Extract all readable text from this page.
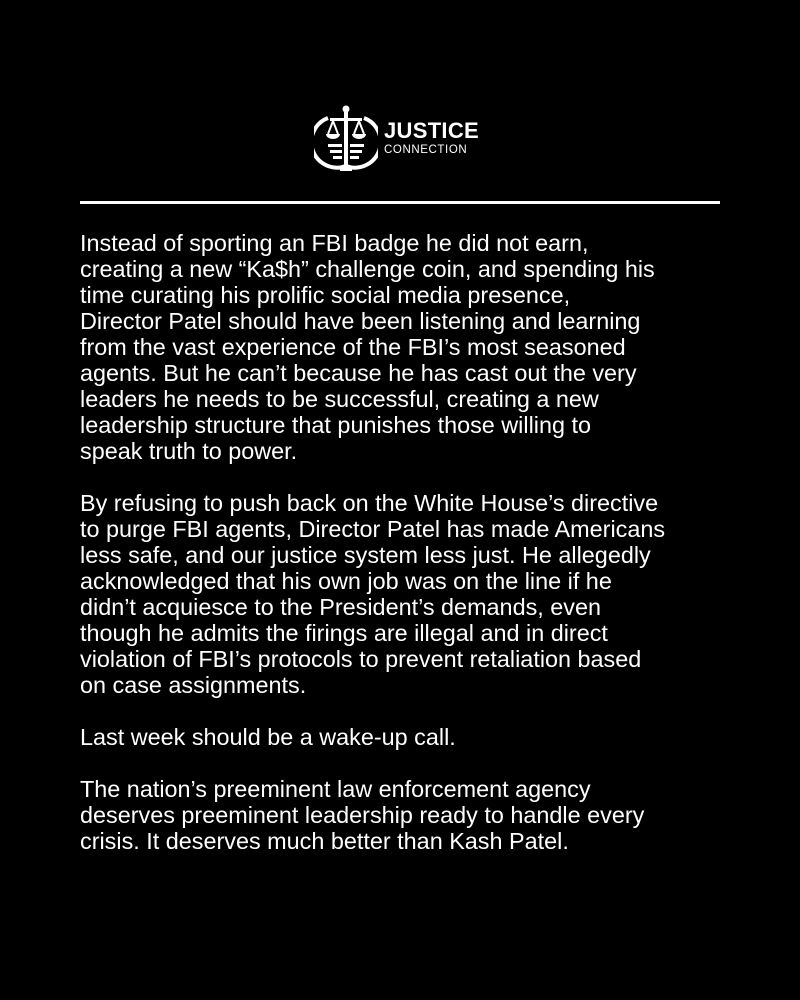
JUSTICE
CONNECTION

Instead of sporting an FBI badge he did not earn,
creating a new “Ka$h” challenge coin, and spending his
time curating his prolific social media presence,
Director Patel should have been listening and learning
from the vast experience of the FBI’s most seasoned
agents. But he can’t because he has cast out the very
leaders he needs to be successful, creating a new
leadership structure that punishes those willing to
speak truth to power.

By refusing to push back on the White House’s directive
to purge FBI agents, Director Patel has made Americans
less safe, and our justice system less just. He allegedly
acknowledged that his own job was on the line if he
didn’t acquiesce to the President’s demands, even
though he admits the firings are illegal and in direct
violation of FBI’s protocols to prevent retaliation based
on case assignments.

Last week should be a wake-up call.

The nation’s preeminent law enforcement agency
deserves preeminent leadership ready to handle every
crisis. It deserves much better than Kash Patel.
